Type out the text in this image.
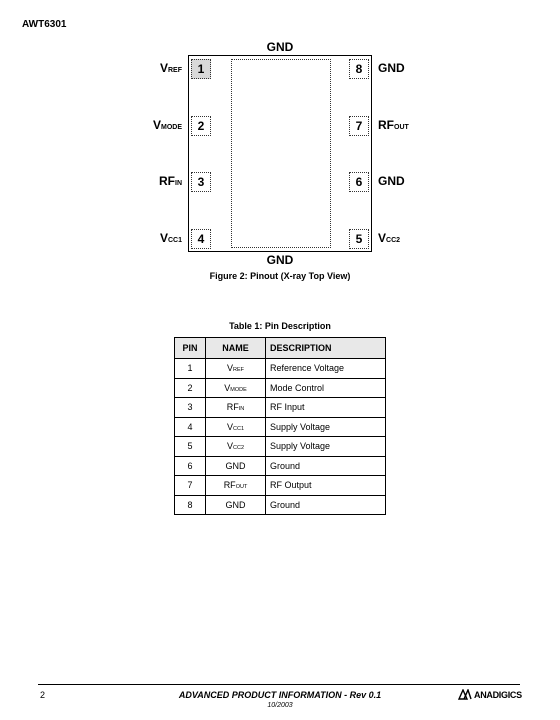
AWT6301
GND
1
2
3
4	5
6
7
8
VREF
VMODE
RFIN
VCC1
GND
RFOUT
GND
VCC2
GND
Figure 2: Pinout (X-ray Top View)
Table 1: Pin Description
PIN	NAME	DESCRIPTION
1	VREF	Reference Voltage
2	VMODE	Mode Control
3	RFIN	RF Input
4	VCC1	Supply Voltage
5	VCC2	Supply Voltage
6	GND	Ground
7	RFOUT	RF Output
8	GND	Ground
2	ADVANCED PRODUCT INFORMATION - Rev 0.1
10/2003
ANADIGICS
